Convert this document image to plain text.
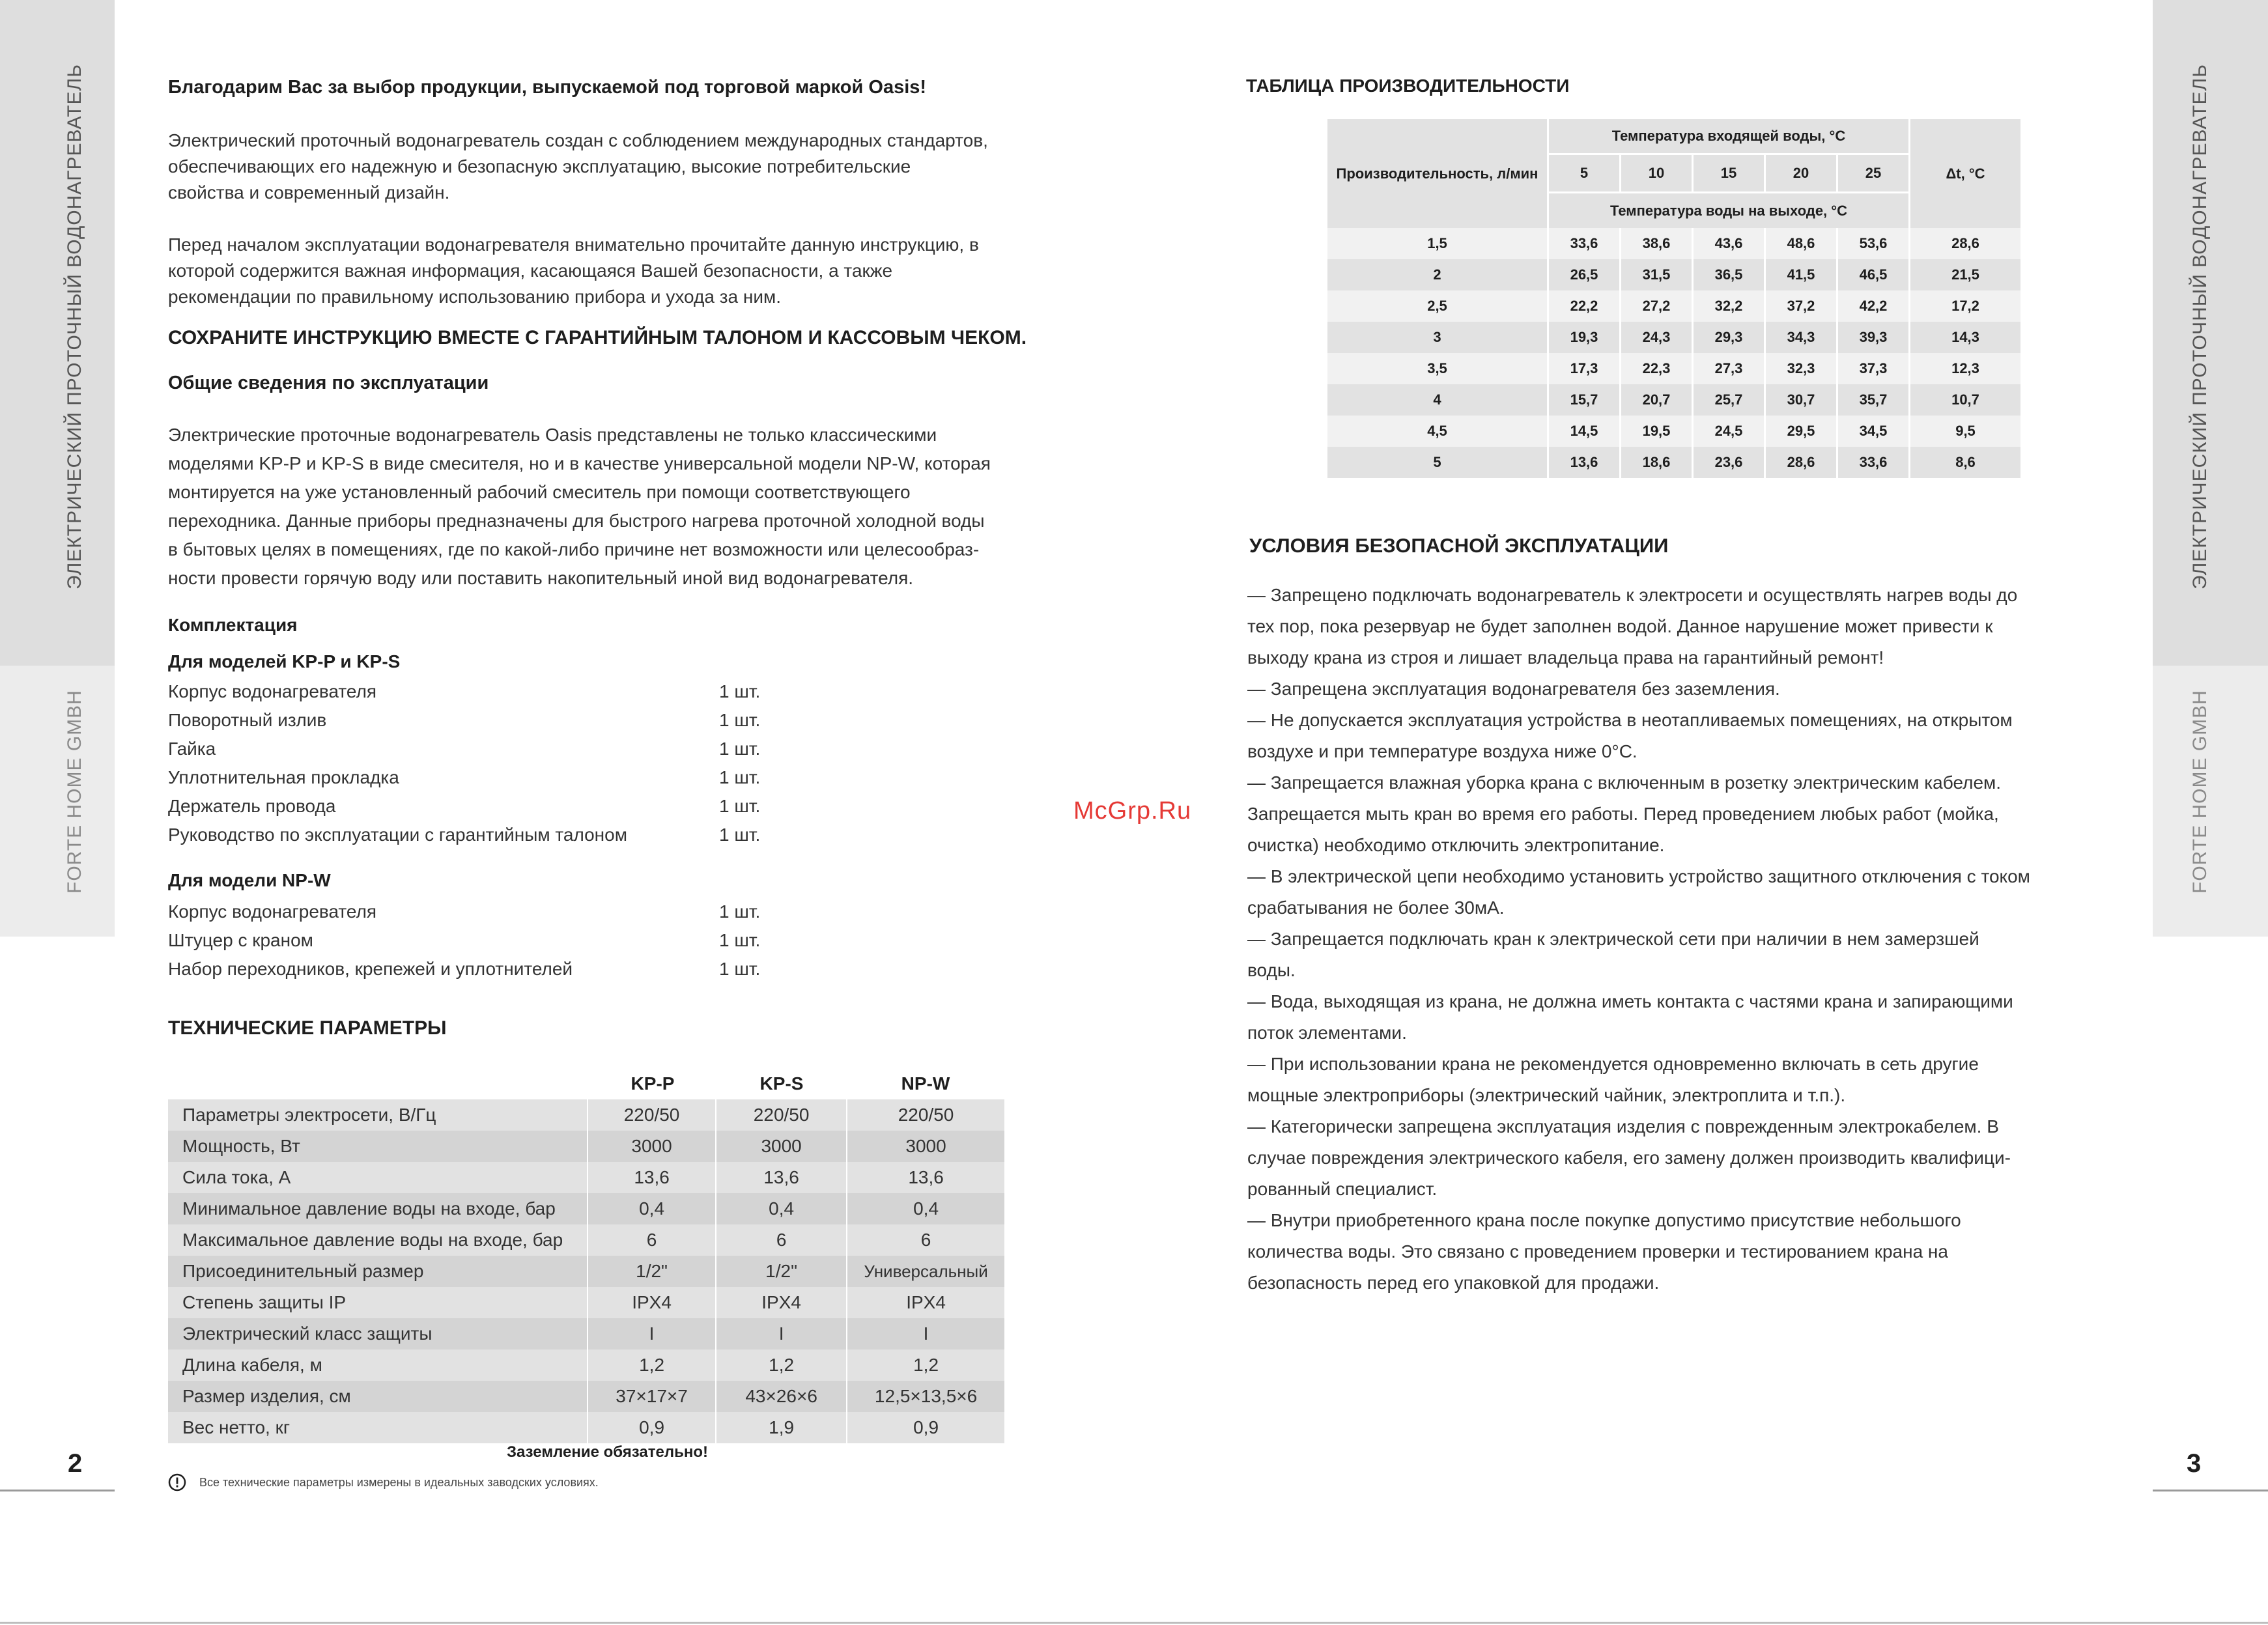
ЭЛЕКТРИЧЕСКИЙ ПРОТОЧНЫЙ ВОДОНАГРЕВАТЕЛЬ
FORTE HOME GMBH
2
ЭЛЕКТРИЧЕСКИЙ ПРОТОЧНЫЙ ВОДОНАГРЕВАТЕЛЬ
FORTE HOME GMBH
3
Благодарим Вас за выбор продукции, выпускаемой под торговой маркой Oasis!
Электрический проточный водонагреватель создан с соблюдением международных стандартов,
обеспечивающих его надежную и безопасную эксплуатацию, высокие потребительские
свойства и современный дизайн.
Перед началом эксплуатации водонагревателя внимательно прочитайте данную инструкцию, в
которой содержится важная информация, касающаяся Вашей безопасности, а также
рекомендации по правильному использованию прибора и ухода за ним.
СОХРАНИТЕ ИНСТРУКЦИЮ ВМЕСТЕ С ГАРАНТИЙНЫМ ТАЛОНОМ И КАССОВЫМ ЧЕКОМ.
Общие сведения по эксплуатации
Электрические проточные водонагреватель Oasis представлены не только классическими
моделями KP-P и KP-S в виде смесителя, но и в качестве универсальной модели NP-W, которая
монтируется на уже установленный рабочий смеситель при помощи соответствующего
переходника. Данные приборы предназначены для быстрого нагрева проточной холодной воды
в бытовых целях в помещениях, где по какой-либо причине нет возможности или целесообраз-
ности провести горячую воду или поставить накопительный иной вид водонагревателя.
Комплектация
Для моделей KP-P и KP-S
Корпус водонагревателя	1 шт.
Поворотный излив	1 шт.
Гайка	1 шт.
Уплотнительная прокладка	1 шт.
Держатель провода	1 шт.
Руководство по эксплуатации с гарантийным талоном	1 шт.
Для модели NP-W
Корпус водонагревателя	1 шт.
Штуцер с краном	1 шт.
Набор переходников, крепежей и уплотнителей	1 шт.
ТЕХНИЧЕСКИЕ ПАРАМЕТРЫ
KP-P	KP-S	NP-W
Параметры электросети, В/Гц	220/50	220/50	220/50
Мощность, Вт	3000	3000	3000
Сила тока, А	13,6	13,6	13,6
Минимальное давление воды на входе, бар	0,4	0,4	0,4
Максимальное давление воды на входе, бар	6	6	6
Присоединительный размер	1/2"	1/2"	Универсальный
Степень защиты IP	IPX4	IPX4	IPX4
Электрический класс защиты	I	I	I
Длина кабеля, м	1,2	1,2	1,2
Размер изделия, см	37×17×7	43×26×6	12,5×13,5×6
Вес нетто, кг	0,9	1,9	0,9
Заземление обязательно!
Все технические параметры измерены в идеальных заводских условиях.
McGrp.Ru
ТАБЛИЦА ПРОИЗВОДИТЕЛЬНОСТИ
Производительность, л/мин
Температура входящей воды, °С
5	10	15	20	25
Температура воды на выходе, °С
Δt, °С
1,5	33,6	38,6	43,6	48,6	53,6	28,6
2	26,5	31,5	36,5	41,5	46,5	21,5
2,5	22,2	27,2	32,2	37,2	42,2	17,2
3	19,3	24,3	29,3	34,3	39,3	14,3
3,5	17,3	22,3	27,3	32,3	37,3	12,3
4	15,7	20,7	25,7	30,7	35,7	10,7
4,5	14,5	19,5	24,5	29,5	34,5	9,5
5	13,6	18,6	23,6	28,6	33,6	8,6
УСЛОВИЯ БЕЗОПАСНОЙ ЭКСПЛУАТАЦИИ
— Запрещено подключать водонагреватель к электросети и осуществлять нагрев воды до
тех пор, пока резервуар не будет заполнен водой. Данное нарушение может привести к
выходу крана из строя и лишает владельца права на гарантийный ремонт!
— Запрещена эксплуатация водонагревателя без заземления.
— Не допускается эксплуатация устройства в неотапливаемых помещениях, на открытом
воздухе и при температуре воздуха ниже 0°С.
— Запрещается влажная уборка крана с включенным в розетку электрическим кабелем.
Запрещается мыть кран во время его работы. Перед проведением любых работ (мойка,
очистка) необходимо отключить электропитание.
— В электрической цепи необходимо установить устройство защитного отключения с током
срабатывания не более 30мА.
— Запрещается подключать кран к электрической сети при наличии в нем замерзшей
воды.
— Вода, выходящая из крана, не должна иметь контакта с частями крана и запирающими
поток элементами.
— При использовании крана не рекомендуется одновременно включать в сеть другие
мощные электроприборы (электрический чайник, электроплита и т.п.).
— Категорически запрещена эксплуатация изделия с поврежденным электрокабелем. В
случае повреждения электрического кабеля, его замену должен производить квалифици-
рованный специалист.
— Внутри приобретенного крана после покупке допустимо присутствие небольшого
количества воды. Это связано с проведением проверки и тестированием крана на
безопасность перед его упаковкой для продажи.
